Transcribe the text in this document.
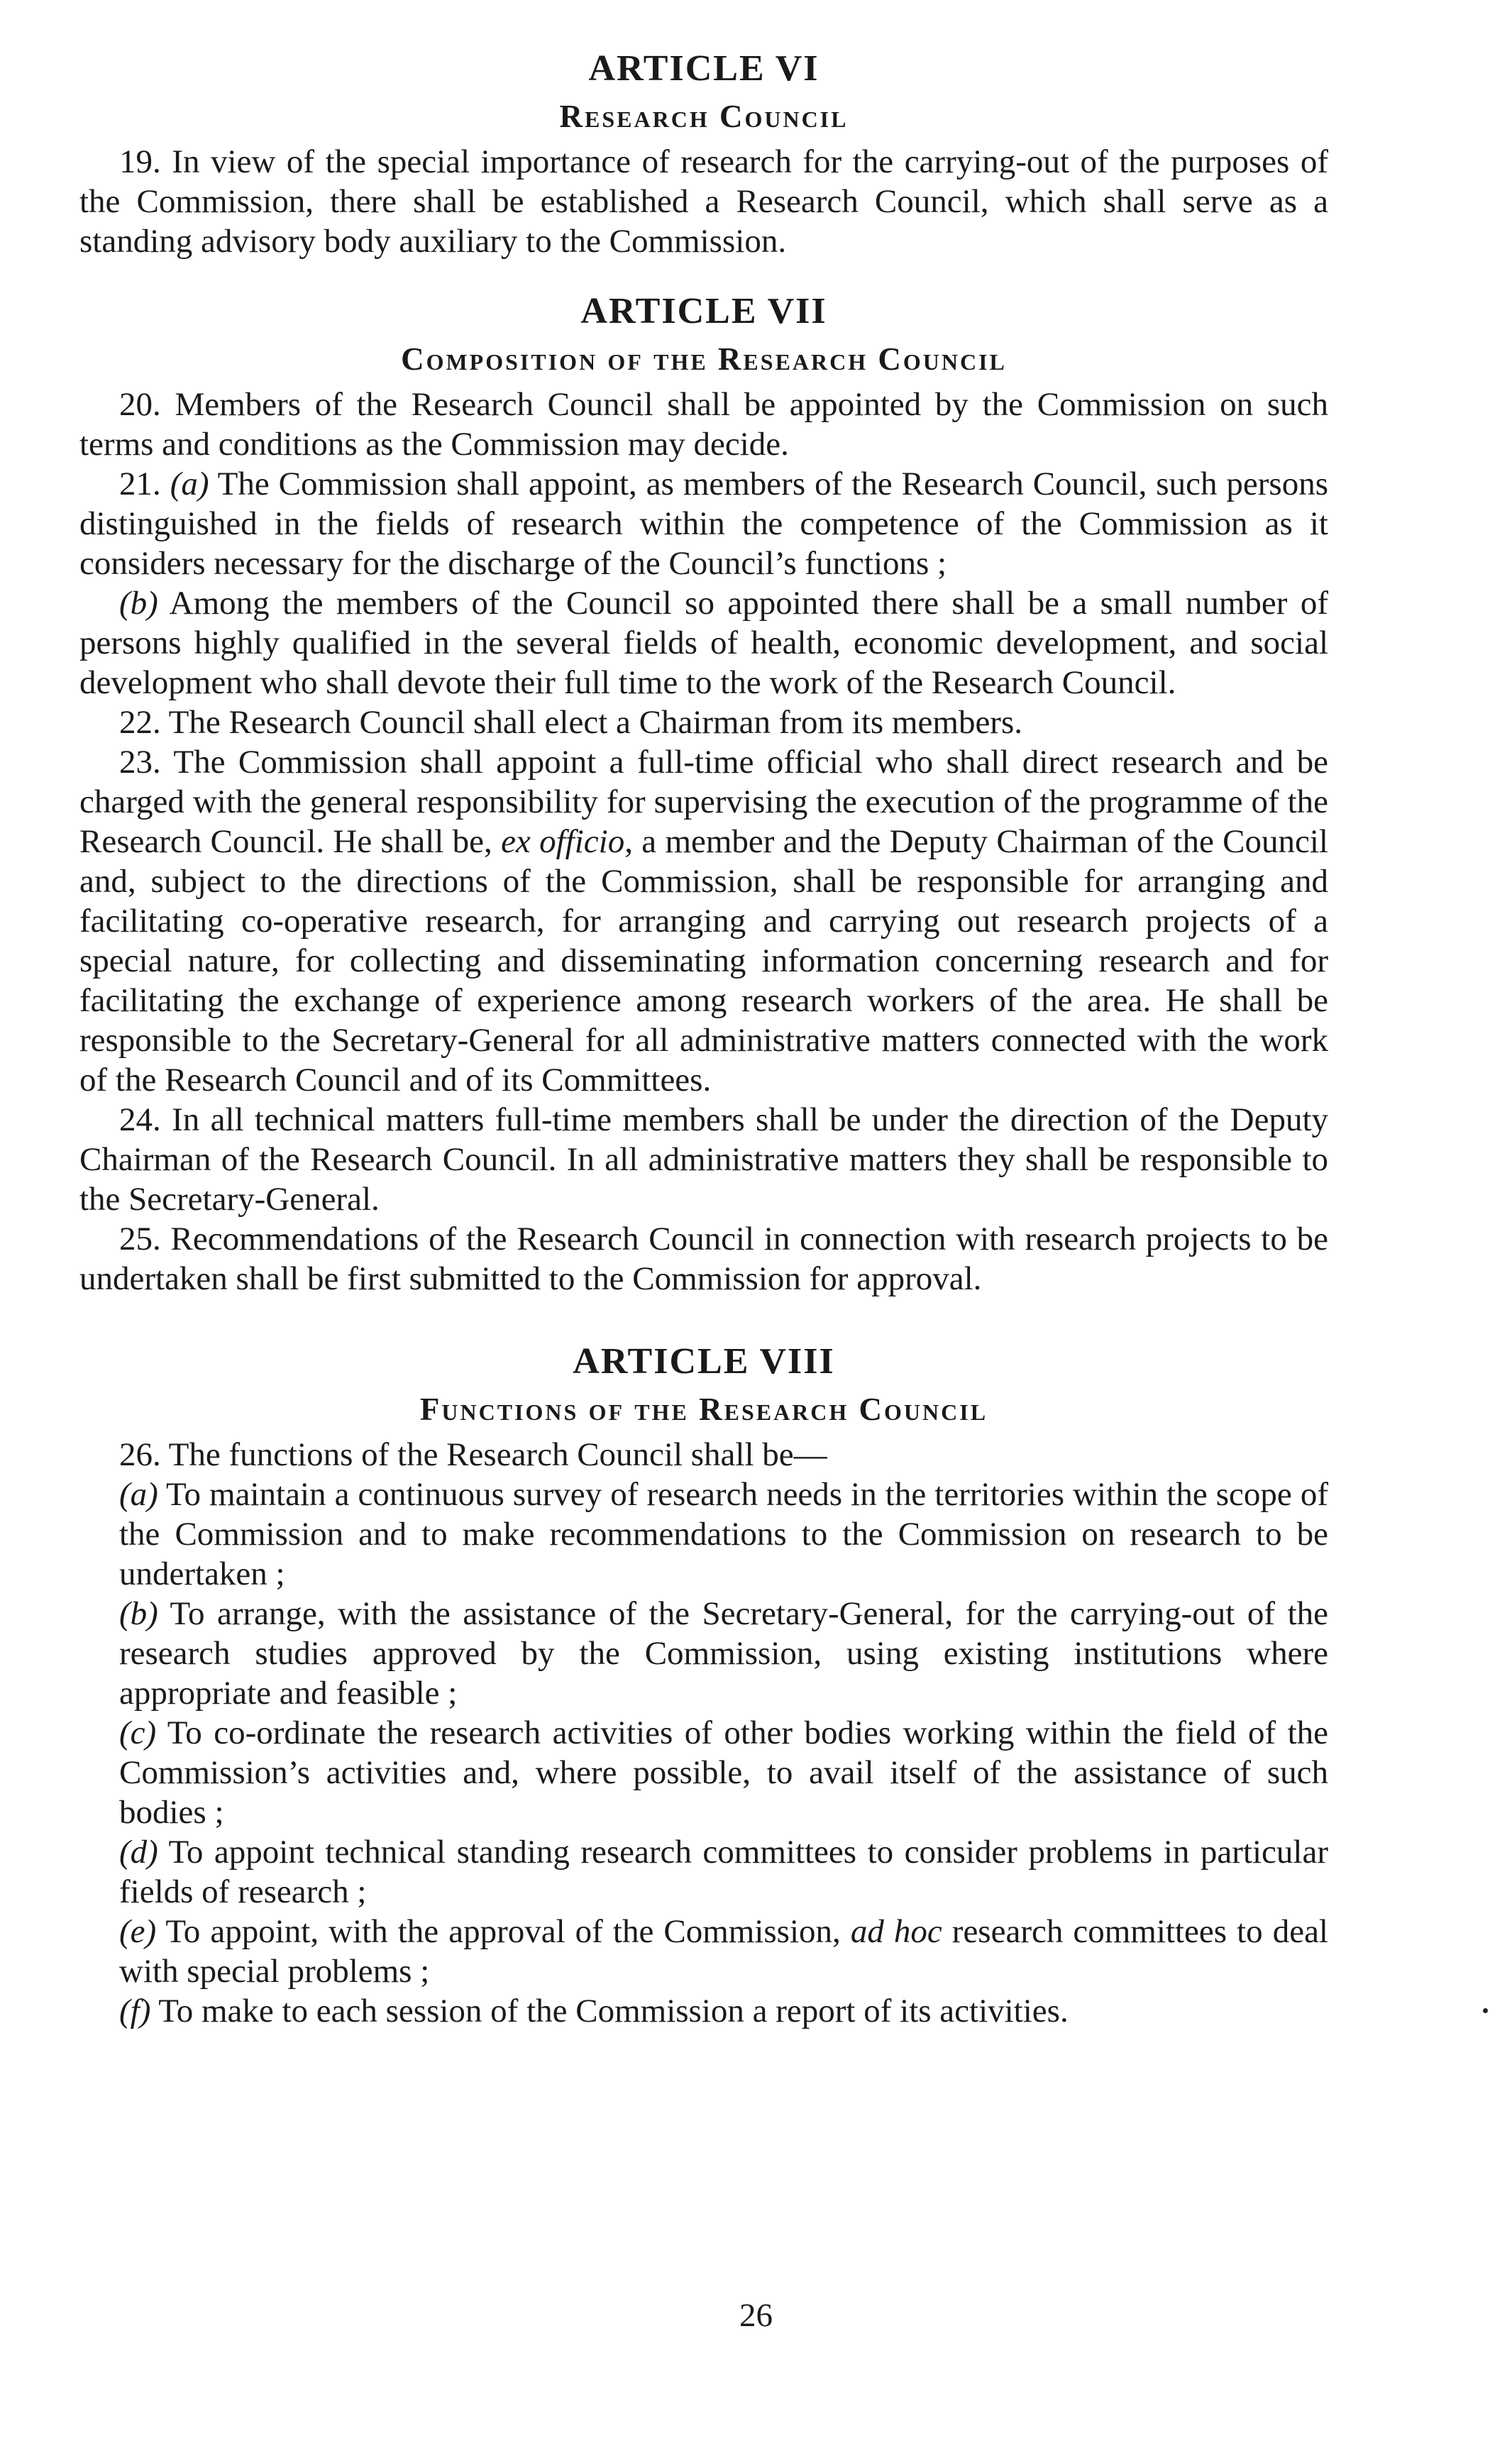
ARTICLE VI
Research Council

19. In view of the special importance of research for the carrying-out of the purposes of the Commission, there shall be established a Research Council, which shall serve as a standing advisory body auxiliary to the Commission.

ARTICLE VII
Composition of the Research Council

20. Members of the Research Council shall be appointed by the Commission on such terms and conditions as the Commission may decide.

21. (a) The Commission shall appoint, as members of the Research Council, such persons distinguished in the fields of research within the competence of the Commission as it considers necessary for the discharge of the Council’s functions ;

(b) Among the members of the Council so appointed there shall be a small number of persons highly qualified in the several fields of health, economic development, and social development who shall devote their full time to the work of the Research Council.

22. The Research Council shall elect a Chairman from its members.

23. The Commission shall appoint a full-time official who shall direct research and be charged with the general responsibility for supervising the execution of the programme of the Research Council. He shall be, ex officio, a member and the Deputy Chairman of the Council and, subject to the directions of the Commission, shall be responsible for arranging and facilitating co-operative research, for arranging and carrying out research projects of a special nature, for collecting and disseminating information concerning research and for facilitating the exchange of experience among research workers of the area. He shall be responsible to the Secretary-General for all administrative matters connected with the work of the Research Council and of its Committees.

24. In all technical matters full-time members shall be under the direction of the Deputy Chairman of the Research Council. In all administrative matters they shall be responsible to the Secretary-General.

25. Recommendations of the Research Council in connection with research projects to be undertaken shall be first submitted to the Commission for approval.

ARTICLE VIII
Functions of the Research Council

26. The functions of the Research Council shall be—

(a) To maintain a continuous survey of research needs in the territories within the scope of the Commission and to make recommendations to the Commission on research to be undertaken ;

(b) To arrange, with the assistance of the Secretary-General, for the carrying-out of the research studies approved by the Commission, using existing institutions where appropriate and feasible ;

(c) To co-ordinate the research activities of other bodies working within the field of the Commission’s activities and, where possible, to avail itself of the assistance of such bodies ;

(d) To appoint technical standing research committees to consider problems in particular fields of research ;

(e) To appoint, with the approval of the Commission, ad hoc research committees to deal with special problems ;

(f) To make to each session of the Commission a report of its activities.

26
